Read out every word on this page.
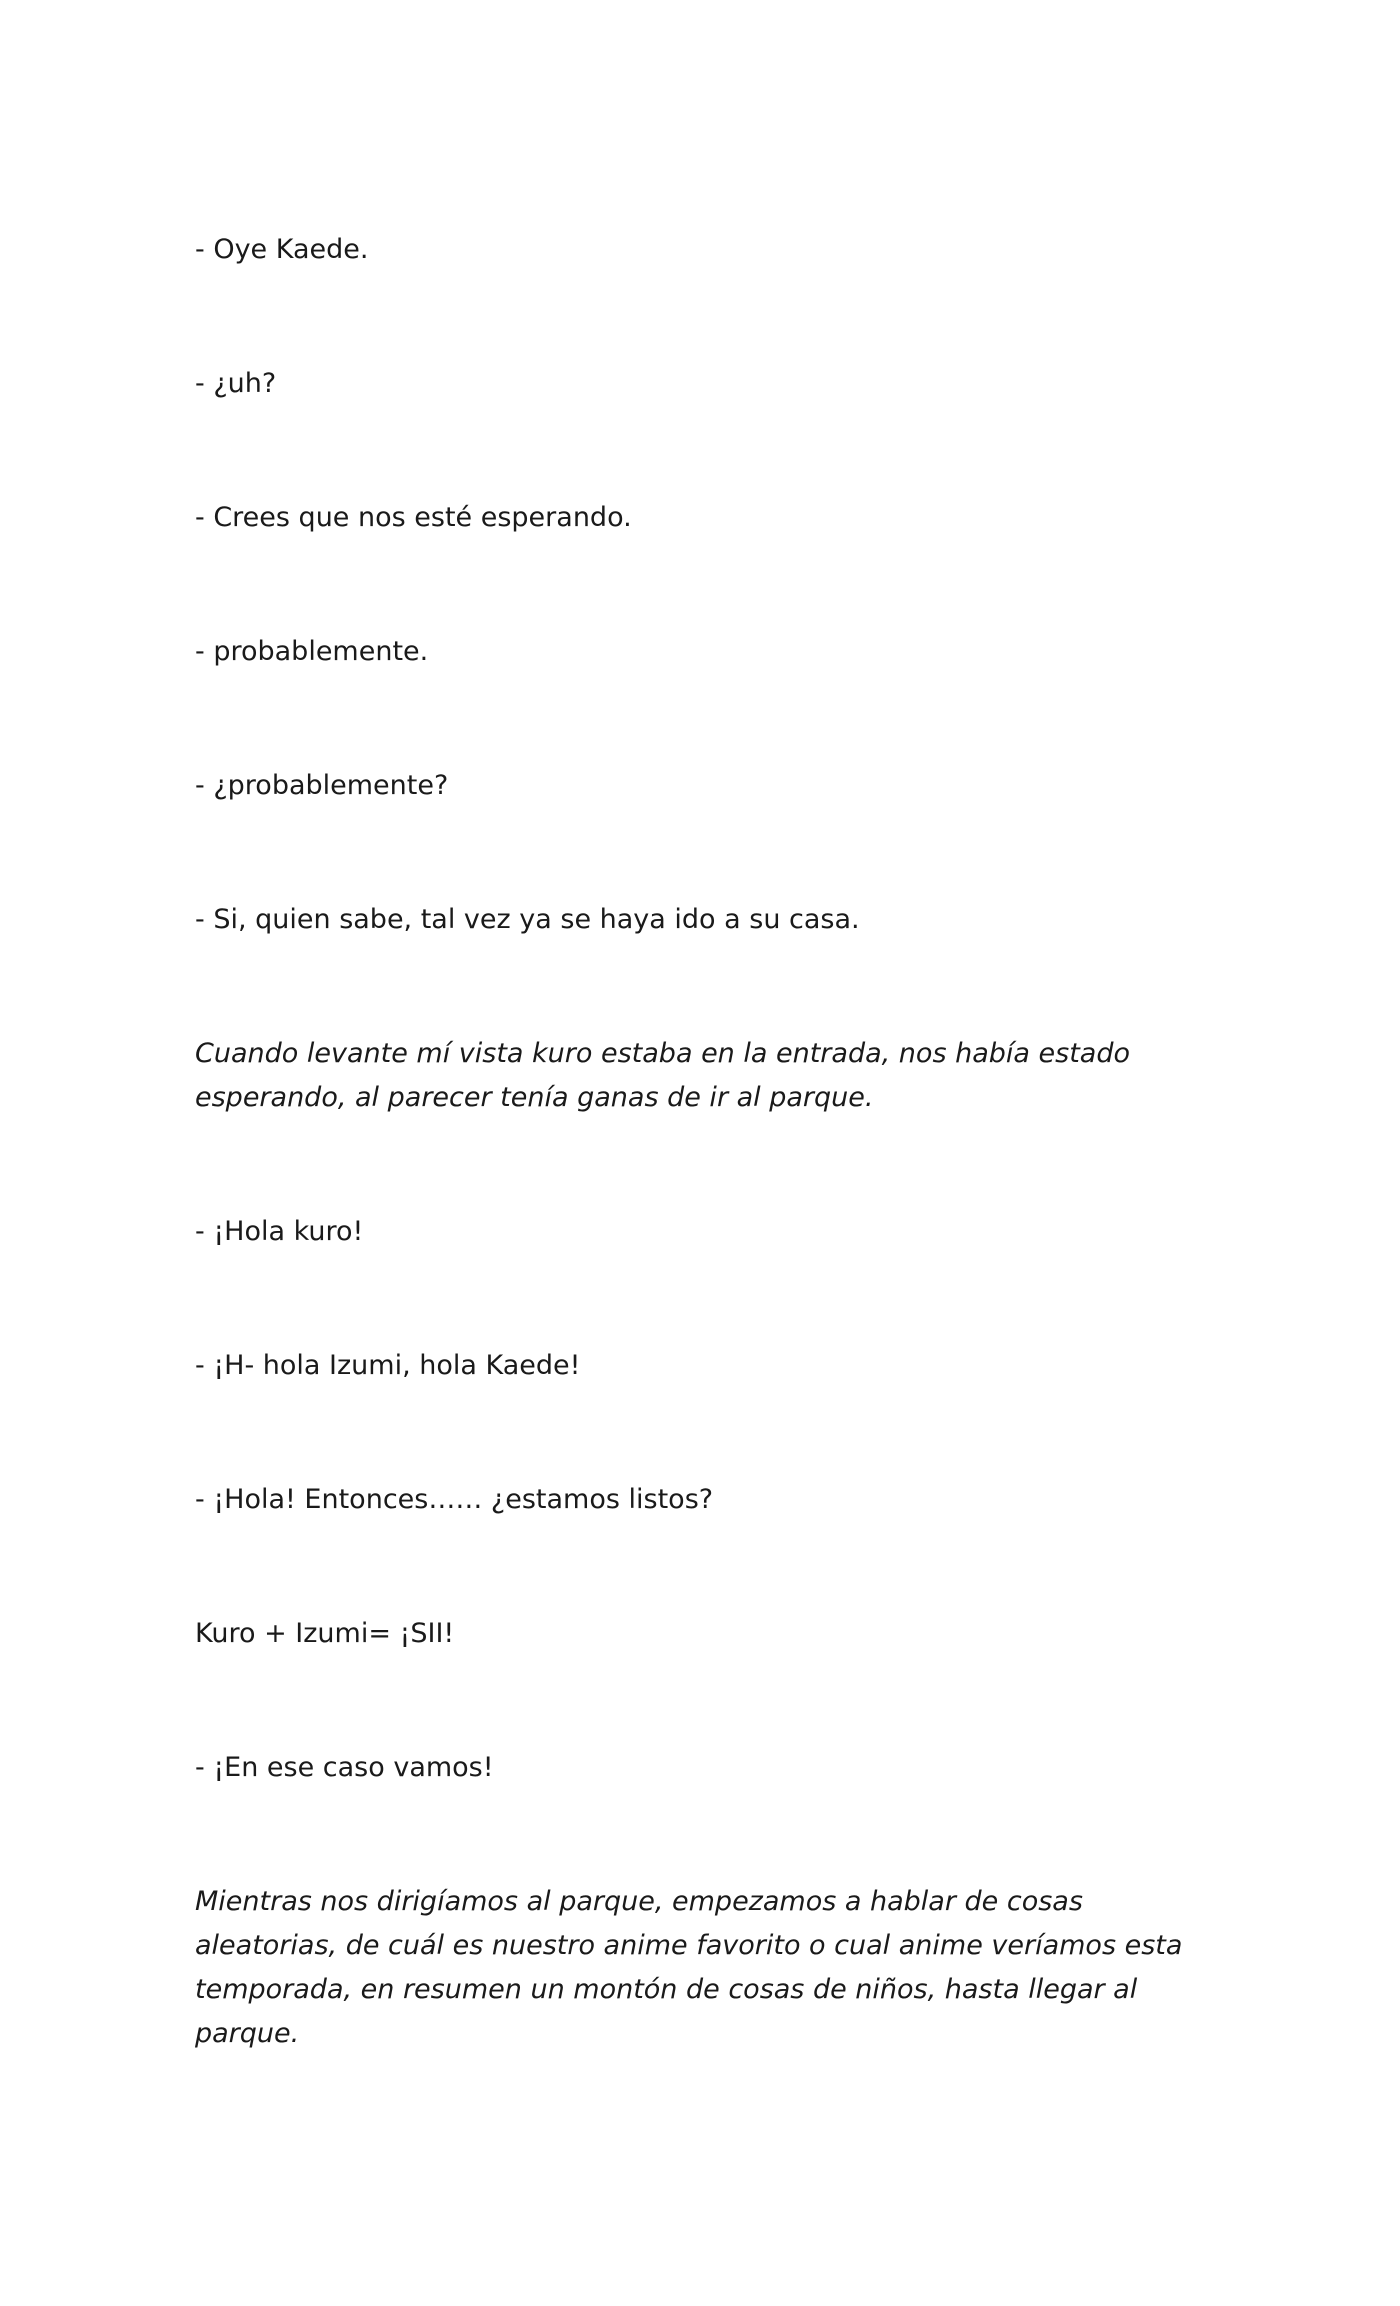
- Oye Kaede.

- ¿uh?

- Crees que nos esté esperando.

- probablemente.

- ¿probablemente?

- Si, quien sabe, tal vez ya se haya ido a su casa.

Cuando levante mí vista kuro estaba en la entrada, nos había estado esperando, al parecer tenía ganas de ir al parque.

- ¡Hola kuro!

- ¡H- hola Izumi, hola Kaede!

- ¡Hola! Entonces…… ¿estamos listos?

Kuro + Izumi= ¡SII!

- ¡En ese caso vamos!

Mientras nos dirigíamos al parque, empezamos a hablar de cosas aleatorias, de cuál es nuestro anime favorito o cual anime veríamos esta temporada, en resumen un montón de cosas de niños, hasta llegar al parque.
